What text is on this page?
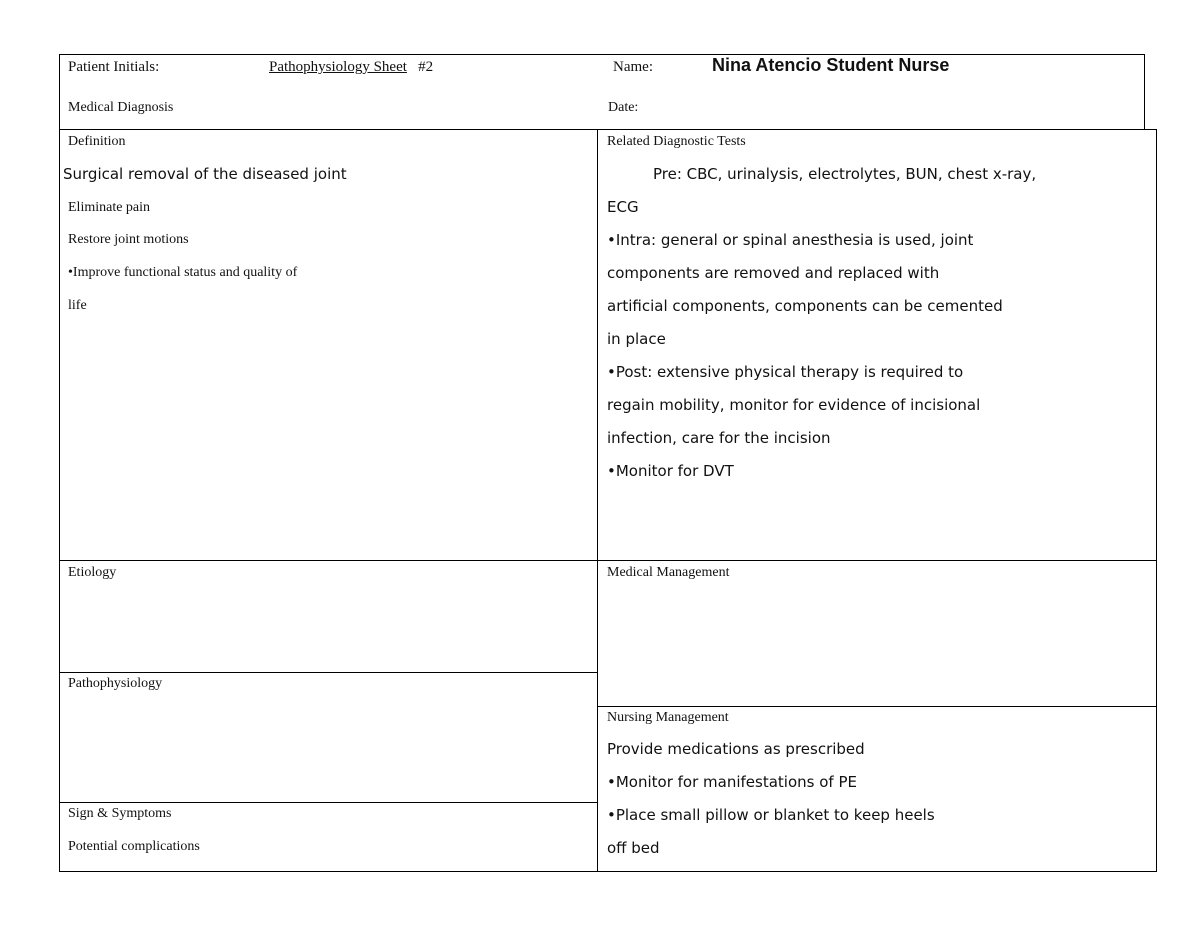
Patient Initials:	Pathophysiology Sheet #2	Name:	Nina Atencio Student Nurse
Medical Diagnosis	Date:
Definition
Surgical removal of the diseased joint
Eliminate pain
Restore joint motions
•Improve functional status and quality of
life
Related Diagnostic Tests
Pre: CBC, urinalysis, electrolytes, BUN, chest x-ray,
ECG
•Intra: general or spinal anesthesia is used, joint
components are removed and replaced with
artificial components, components can be cemented
in place
•Post: extensive physical therapy is required to
regain mobility, monitor for evidence of incisional
infection, care for the incision
•Monitor for DVT
Etiology
Pathophysiology
Medical Management
Nursing Management
Provide medications as prescribed
•Monitor for manifestations of PE
•Place small pillow or blanket to keep heels
off bed
Sign & Symptoms
Potential complications
